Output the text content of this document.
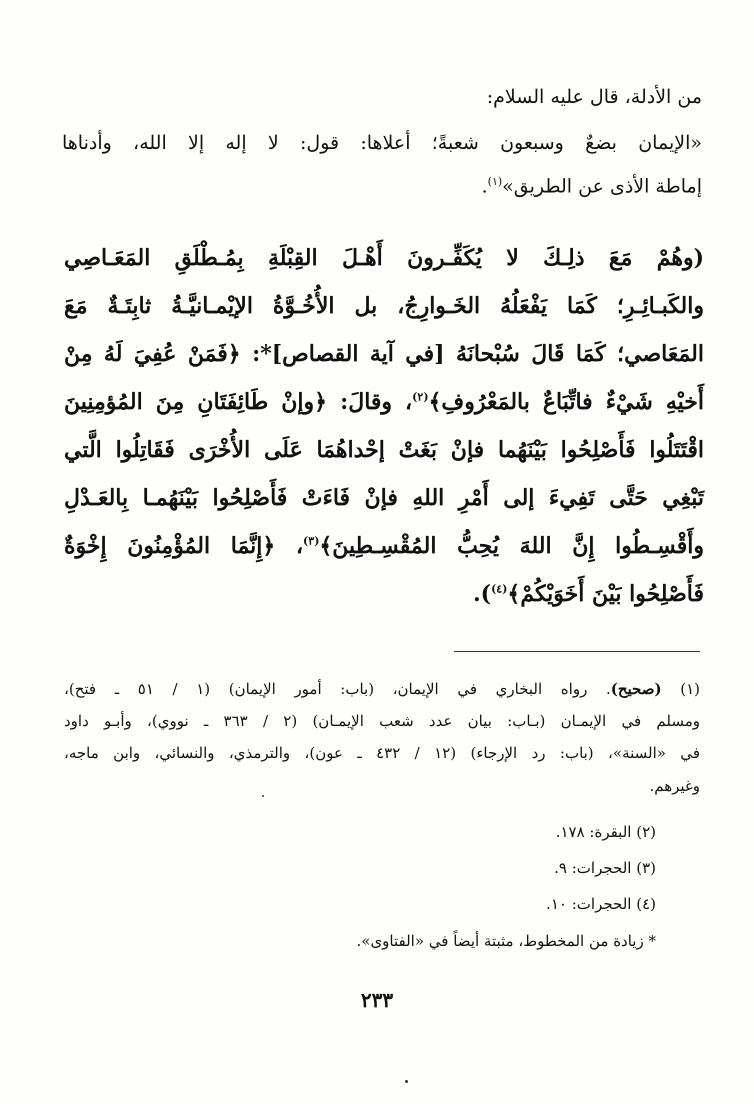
من الأدلة، قال عليه السلام:
«الإيمان بضعٌ وسبعون شعبةً؛ أعلاها: قول: لا إله إلا الله، وأدناها
إماطة الأذى عن الطريق»$^{(١)}$.
(وهُمْ مَعَ ذلِـكَ لا يُكَفِّـرونَ أَهْـلَ القِبْلَةِ بِمُـطْلَقِ المَعَـاصِي
والكَبـائِـرِ؛ كَمَا يَفْعَلُهُ الخَـوارِجُ، بل الأُخُـوَّةُ الإيْمـانيَّـةُ ثابِتَـةٌ مَعَ
المَعَاصي؛ كَمَا قَالَ سُبْحانَهُ [في آية القصاص]*: ﴿فَمَنْ عُفِيَ لَهُ مِنْ
أَخيْهِ شَيْءٌ فاتِّبَاعٌ بالمَعْرُوفِ﴾$^{(٢)}$، وقالَ: ﴿وإنْ طَائِفَتَانِ مِنَ المُؤمِنِينَ
اقْتَتَلُوا فَأَصْلِحُوا بَيْنَهُما فإنْ بَغَتْ إحْداهُمَا عَلَى الأُخْرَى فَقَاتِلُوا الَّتي
تَبْغِي حَتَّى تَفِيءَ إلى أَمْرِ اللهِ فإنْ فَاءَتْ فَأَصْلِحُوا بَيْنَهُمـا بِالعَـدْلِ
وأَقْسِـطُوا إِنَّ اللهَ يُحِبُّ المُقْسِـطِينَ﴾$^{(٣)}$، ﴿إِنَّمَا المُؤْمِنُونَ إِخْوَةٌ
فَأَصْلِحُوا بَيْنَ أَخَوَيْكُمْ﴾$^{(٤)}$).
(١) (صحيح). رواه البخاري في الإيمان، (باب: أمور الإيمان) (١ / ٥١ ـ فتح)،
ومسلم في الإيمـان (بـاب: بيان عدد شعب الإيمـان) (٢ / ٣٦٣ ـ نووي)، وأبـو داود
في «السنة»، (باب: رد الإرجاء) (١٢ / ٤٣٢ ـ عون)، والترمذي، والنسائي، وابن ماجه،
وغيرهم.
(٢) البقرة: ١٧٨.
(٣) الحجرات: ٩.
(٤) الحجرات: ١٠.
* زيادة من المخطوط، مثبتة أيضاً في «الفتاوى».
٢٣٣
